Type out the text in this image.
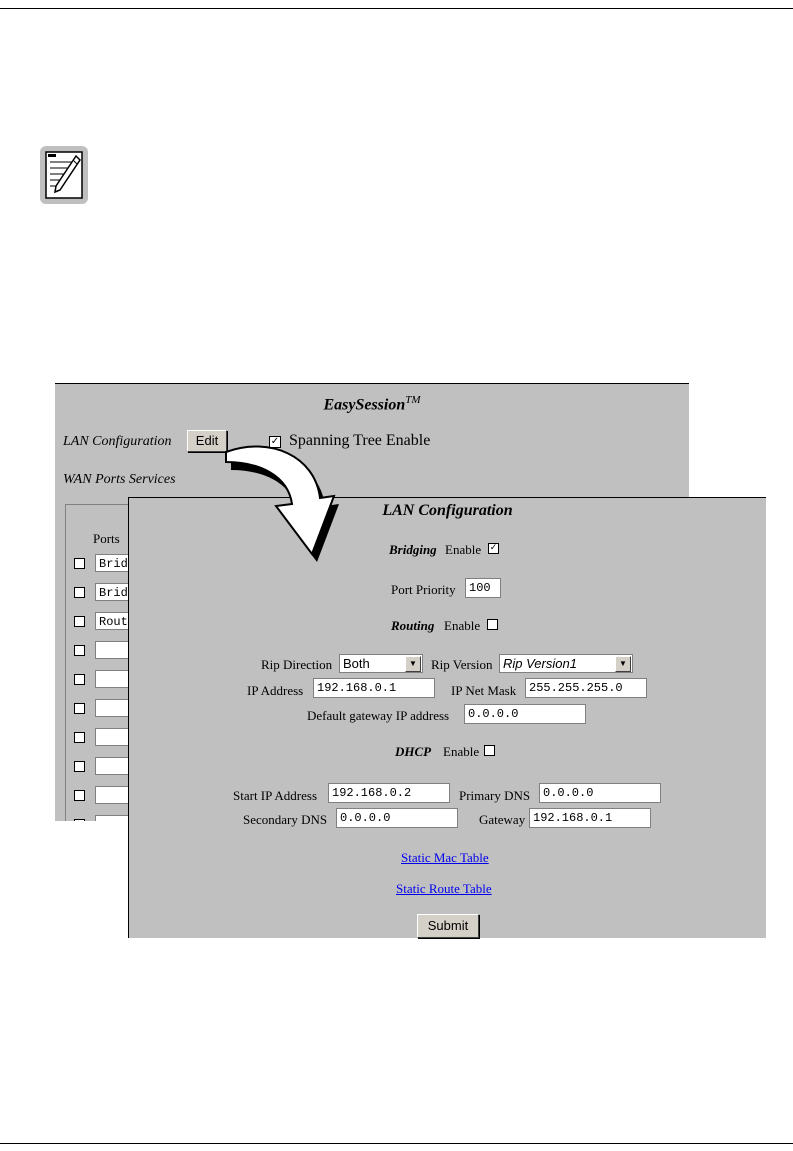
EasySession™
LAN Configuration	Edit	✓ Spanning Tree Enable
WAN Ports Services
Ports
Brid
Brid
Rout
LAN Configuration
Bridging Enable ✓
Port Priority	100
Routing Enable
Rip Direction Both	▼	Rip Version Rip Version1	▼
IP Address	192.168.0.1	IP Net Mask	255.255.255.0
Default gateway IP address	0.0.0.0
DHCP Enable
Start IP Address	192.168.0.2	Primary DNS	0.0.0.0
Secondary DNS	0.0.0.0	Gateway 192.168.0.1
Static Mac Table
Static Route Table
Submit
